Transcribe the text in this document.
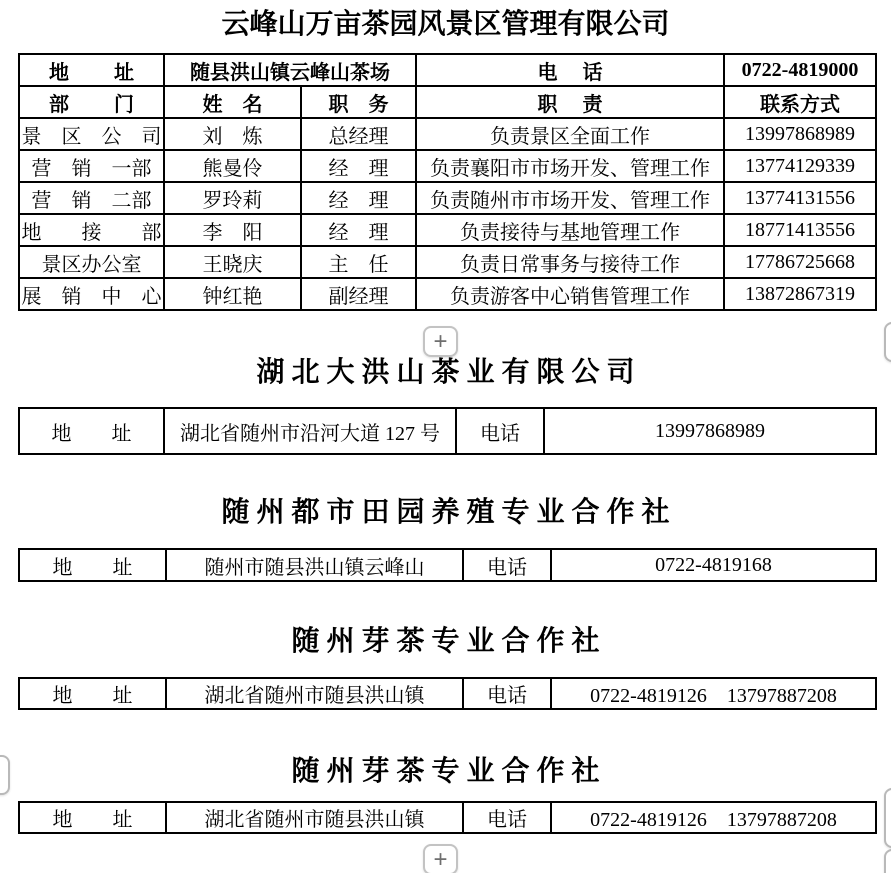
云峰山万亩茶园风景区管理有限公司
地　　 址	随县洪山镇云峰山茶场		电　 话	0722-4819000
部　　 门	姓　名	职　务	职　 责	联系方式
景　区　公　司	刘　炼	总经理	负责景区全面工作	13997868989
营　销　一部	熊曼伶	经　理	负责襄阳市市场开发、管理工作	13774129339
营　销　二部	罗玲莉	经　理	负责随州市市场开发、管理工作	13774131556
地　　接　　部	李　阳	经　理	负责接待与基地管理工作	18771413556
景区办公室	王晓庆	主　任	负责日常事务与接待工作	17786725668
展　销　中　心	钟红艳	副经理	负责游客中心销售管理工作	13872867319
+
湖 北 大 洪 山 茶 业 有 限 公 司
地　　址	湖北省随州市沿河大道 127 号	电话	13997868989
随 州 都 市 田 园 养 殖 专 业 合 作 社
地　　址	随州市随县洪山镇云峰山	电话	0722-4819168
随 州 芽 茶 专 业 合 作 社
地　　址	湖北省随州市随县洪山镇	电话	0722-4819126　13797887208
随 州 芽 茶 专 业 合 作 社
地　　址	湖北省随州市随县洪山镇	电话	0722-4819126　13797887208
+
